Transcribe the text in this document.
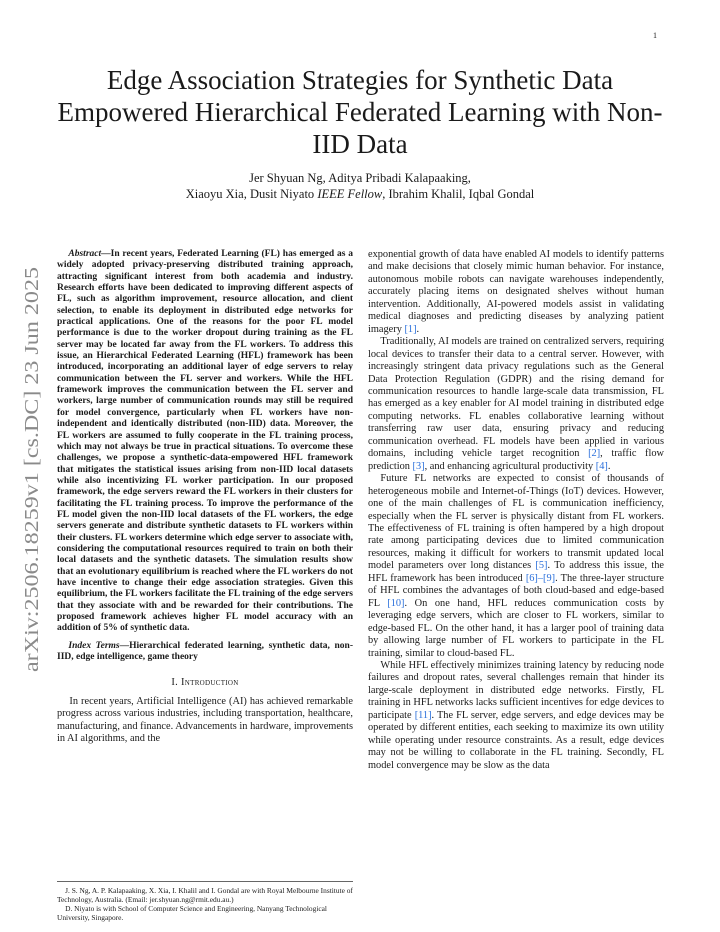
1
arXiv:2506.18259v1 [cs.DC] 23 Jun 2025
Edge Association Strategies for Synthetic Data Empowered Hierarchical Federated Learning with Non-IID Data
Jer Shyuan Ng, Aditya Pribadi Kalapaaking,
Xiaoyu Xia, Dusit Niyato IEEE Fellow, Ibrahim Khalil, Iqbal Gondal

Abstract—In recent years, Federated Learning (FL) has emerged as a widely adopted privacy-preserving distributed training approach, attracting significant interest from both academia and industry. Research efforts have been dedicated to improving different aspects of FL, such as algorithm improvement, resource allocation, and client selection, to enable its deployment in distributed edge networks for practical applications. One of the reasons for the poor FL model performance is due to the worker dropout during training as the FL server may be located far away from the FL workers. To address this issue, an Hierarchical Federated Learning (HFL) framework has been introduced, incorporating an additional layer of edge servers to relay communication between the FL server and workers. While the HFL framework improves the communication between the FL server and workers, large number of communication rounds may still be required for model convergence, particularly when FL workers have non-independent and identically distributed (non-IID) data. Moreover, the FL workers are assumed to fully cooperate in the FL training process, which may not always be true in practical situations. To overcome these challenges, we propose a synthetic-data-empowered HFL framework that mitigates the statistical issues arising from non-IID local datasets while also incentivizing FL worker participation. In our proposed framework, the edge servers reward the FL workers in their clusters for facilitating the FL training process. To improve the performance of the FL model given the non-IID local datasets of the FL workers, the edge servers generate and distribute synthetic datasets to FL workers within their clusters. FL workers determine which edge server to associate with, considering the computational resources required to train on both their local datasets and the synthetic datasets. The simulation results show that an evolutionary equilibrium is reached where the FL workers do not have incentive to change their edge association strategies. Given this equilibrium, the FL workers facilitate the FL training of the edge servers that they associate with and be rewarded for their contributions. The proposed framework achieves higher FL model accuracy with an addition of 5% of synthetic data.

Index Terms—Hierarchical federated learning, synthetic data, non-IID, edge intelligence, game theory

I. Introduction

In recent years, Artificial Intelligence (AI) has achieved remarkable progress across various industries, including transportation, healthcare, manufacturing, and finance. Advancements in hardware, improvements in AI algorithms, and the

J. S. Ng, A. P. Kalapaaking, X. Xia, I. Khalil and I. Gondal are with Royal Melbourne Institute of Technology, Australia. (Email: jer.shyuan.ng@rmit.edu.au.)

D. Niyato is with School of Computer Science and Engineering, Nanyang Technological University, Singapore.

exponential growth of data have enabled AI models to identify patterns and make decisions that closely mimic human behavior. For instance, autonomous mobile robots can navigate warehouses independently, accurately placing items on designated shelves without human intervention. Additionally, AI-powered models assist in validating medical diagnoses and predicting diseases by analyzing patient imagery [1].

Traditionally, AI models are trained on centralized servers, requiring local devices to transfer their data to a central server. However, with increasingly stringent data privacy regulations such as the General Data Protection Regulation (GDPR) and the rising demand for communication resources to handle large-scale data transmission, FL has emerged as a key enabler for AI model training in distributed edge computing networks. FL enables collaborative learning without transferring raw user data, ensuring privacy and reducing communication overhead. FL models have been applied in various domains, including vehicle target recognition [2], traffic flow prediction [3], and enhancing agricultural productivity [4].

Future FL networks are expected to consist of thousands of heterogeneous mobile and Internet-of-Things (IoT) devices. However, one of the main challenges of FL is communication inefficiency, especially when the FL server is physically distant from FL workers. The effectiveness of FL training is often hampered by a high dropout rate among participating devices due to limited communication resources, making it difficult for workers to transmit updated local model parameters over long distances [5]. To address this issue, the HFL framework has been introduced [6]–[9]. The three-layer structure of HFL combines the advantages of both cloud-based and edge-based FL [10]. On one hand, HFL reduces communication costs by leveraging edge servers, which are closer to FL workers, similar to edge-based FL. On the other hand, it has a larger pool of training data by allowing large number of FL workers to participate in the FL training, similar to cloud-based FL.

While HFL effectively minimizes training latency by reducing node failures and dropout rates, several challenges remain that hinder its large-scale deployment in distributed edge networks. Firstly, FL training in HFL networks lacks sufficient incentives for edge devices to participate [11]. The FL server, edge servers, and edge devices may be operated by different entities, each seeking to maximize its own utility while operating under resource constraints. As a result, edge devices may not be willing to collaborate in the FL training. Secondly, FL model convergence may be slow as the data
